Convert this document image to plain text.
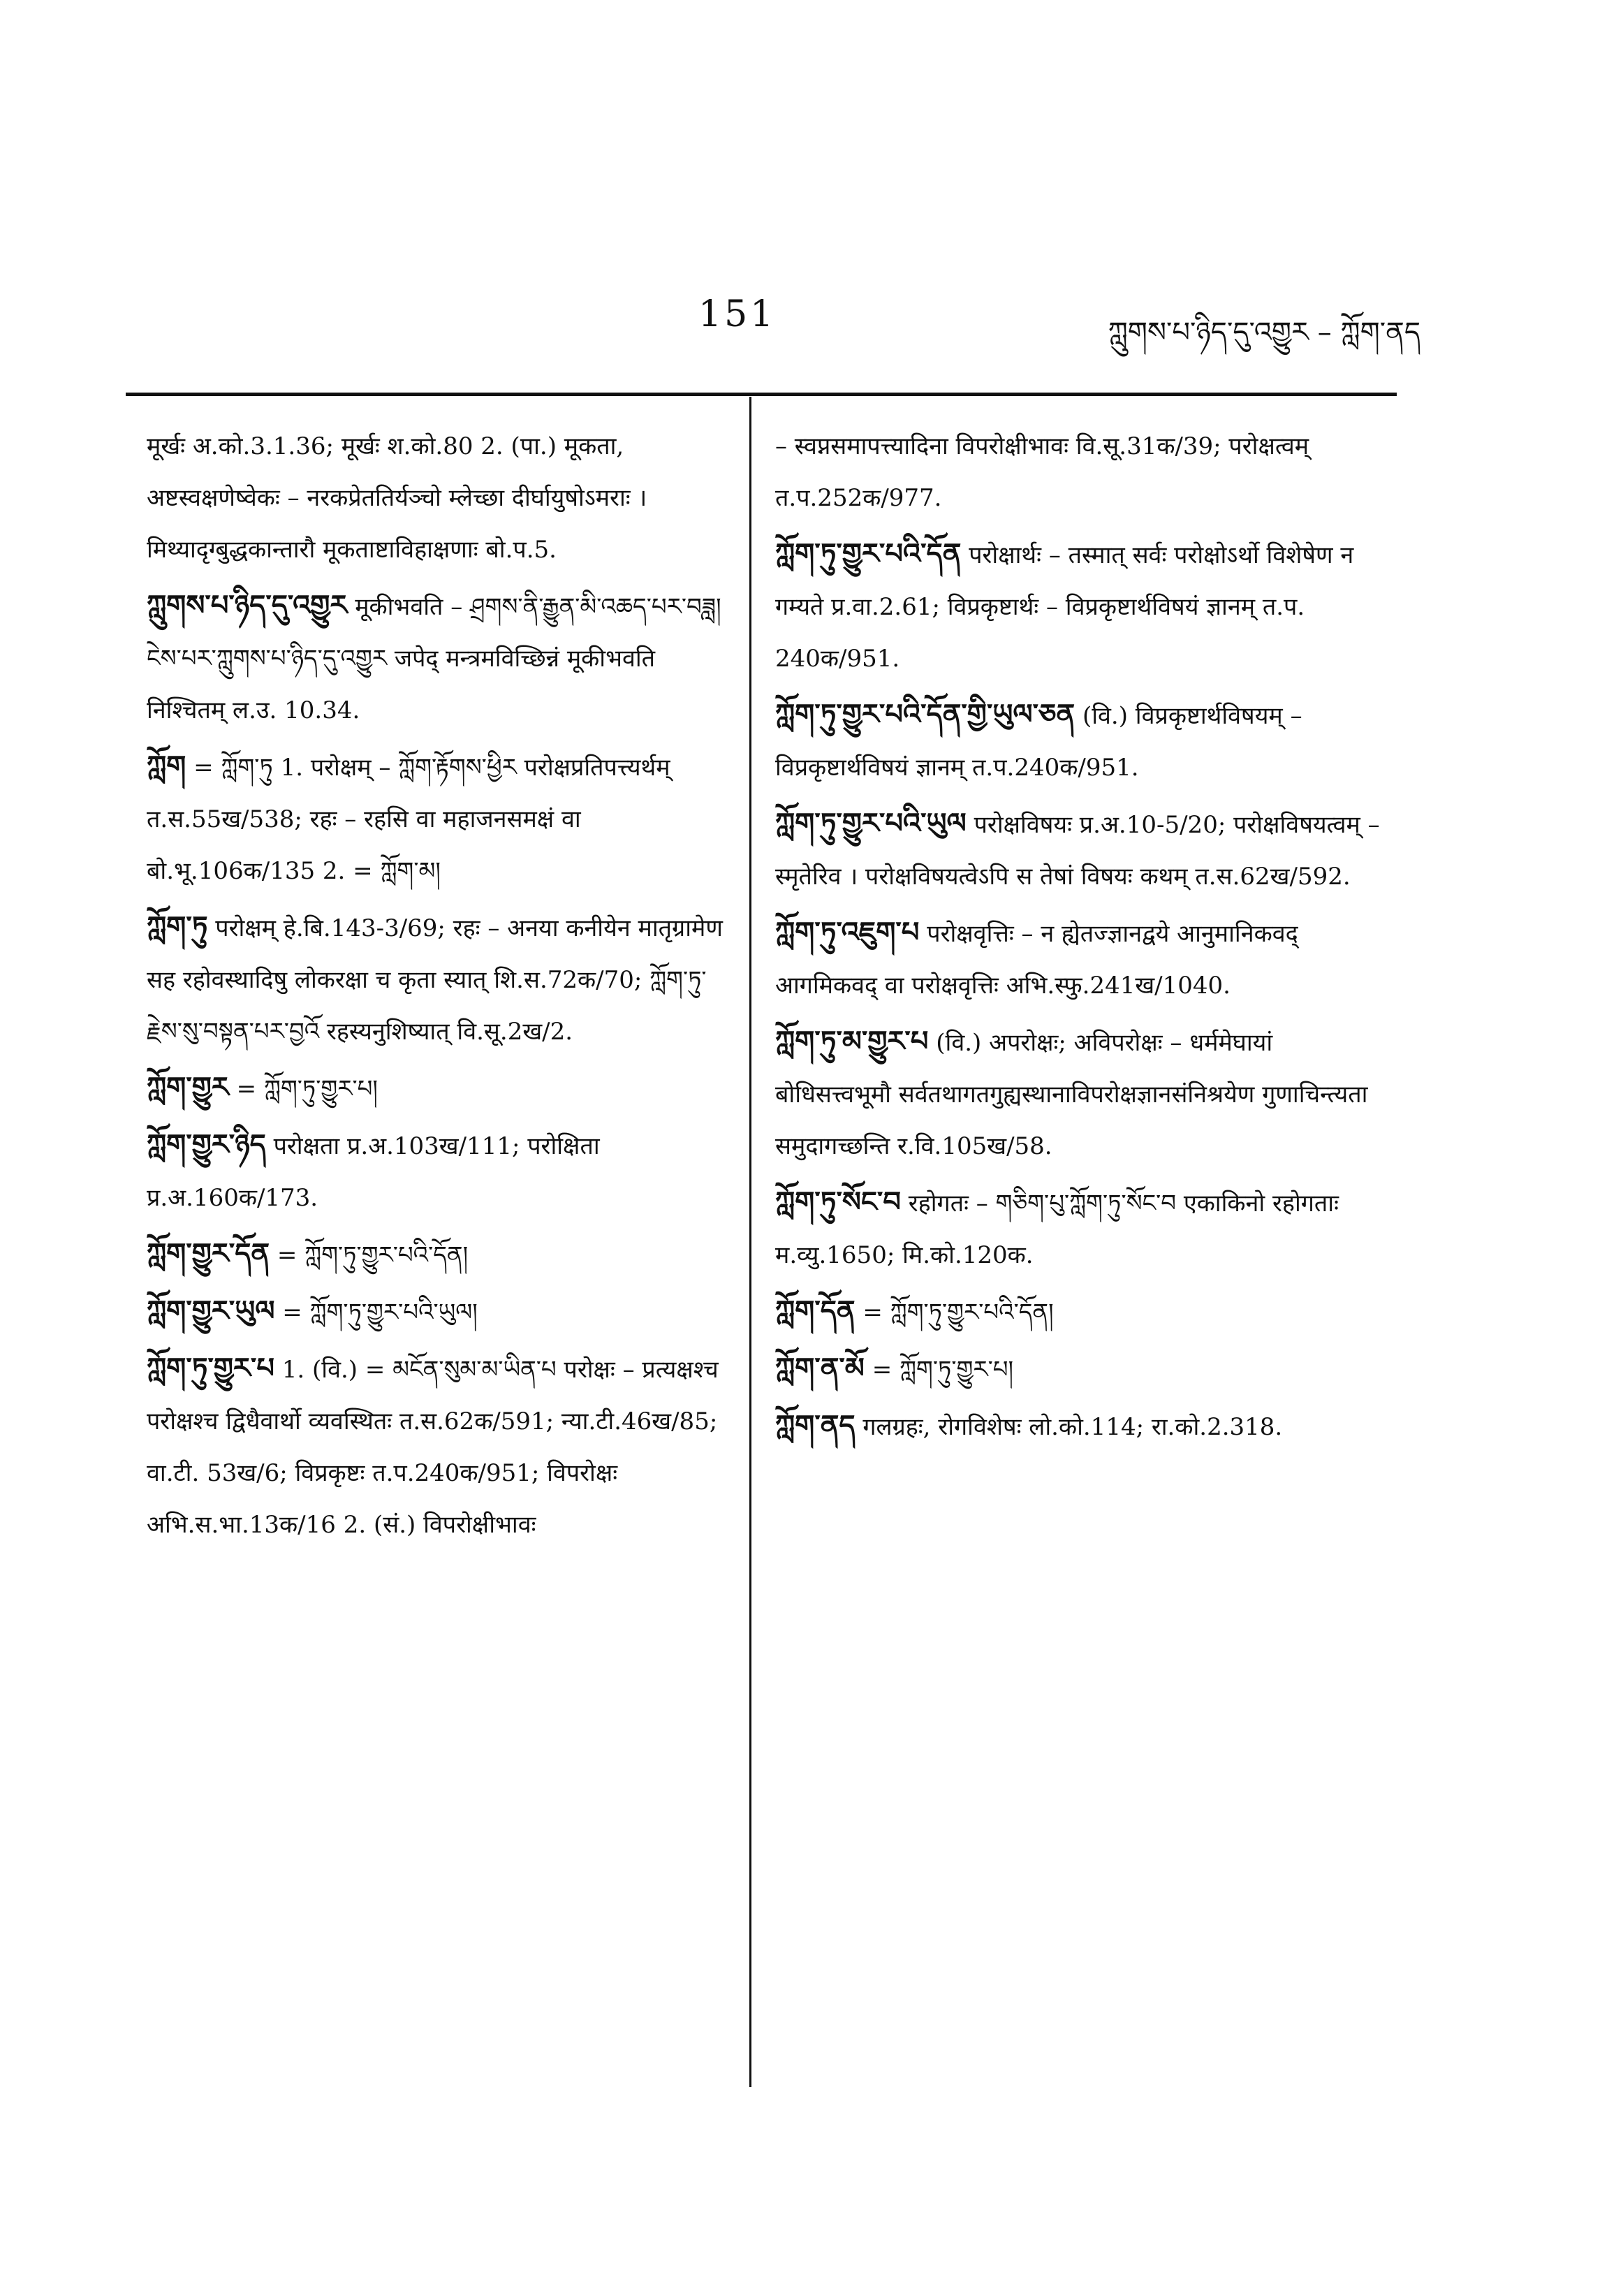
151	ཀླུགས་པ་ཉིད་དུ་འགྱུར – ཀློག་ནད

मूर्खः अ.को.3.1.36; मूर्खः श.को.80 2. (पा.) मूकता, अष्टस्वक्षणेष्वेकः – नरकप्रेततिर्यञ्चो म्लेच्छा दीर्घायुषोऽमराः । मिथ्यादृग्बुद्धकान्तारौ मूकताष्टाविहाक्षणाः बो.प.5.

ཀླུགས་པ་ཉིད་དུ་འགྱུར मूकीभवति – ཤྲགས་ནི་རྒྱུན་མི་འཆད་པར་བཟླ། ངེས་པར་ཀླུགས་པ་ཉིད་དུ་འགྱུར जपेद् मन्त्रमविच्छिन्नं मूकीभवति निश्चितम् ल.उ. 10.34.

ཀློག = ཀློག་ཏུ 1. परोक्षम् – ཀློག་རྟོགས་ཕྱིར परोक्षप्रतिपत्त्यर्थम् त.स.55ख/538; रहः – रहसि वा महाजनसमक्षं वा बो.भू.106क/135 2. = ཀློག་མ།

ཀློག་ཏུ परोक्षम् हे.बि.143-3/69; रहः – अनया कनीयेन मातृग्रामेण सह रहोवस्थादिषु लोकरक्षा च कृता स्यात् शि.स.72क/70; ཀློག་ཏུ་ རྗེས་སུ་བསྟན་པར་བྱའོ रहस्यनुशिष्यात् वि.सू.2ख/2.

ཀློག་གྱུར = ཀློག་ཏུ་གྱུར་པ།

ཀློག་གྱུར་ཉིད परोक्षता प्र.अ.103ख/111; परोक्षिता प्र.अ.160क/173.

ཀློག་གྱུར་དོན = ཀློག་ཏུ་གྱུར་པའི་དོན།

ཀློག་གྱུར་ཡུལ = ཀློག་ཏུ་གྱུར་པའི་ཡུལ།

ཀློག་ཏུ་གྱུར་པ 1. (वि.) = མངོན་སུམ་མ་ཡིན་པ परोक्षः – प्रत्यक्षश्च परोक्षश्च द्विधैवार्थो व्यवस्थितः त.स.62क/591; न्या.टी.46ख/85; वा.टी. 53ख/6; विप्रकृष्टः त.प.240क/951; विपरोक्षः अभि.स.भा.13क/16 2. (सं.) विपरोक्षीभावः

– स्वप्नसमापत्त्यादिना विपरोक्षीभावः वि.सू.31क/39; परोक्षत्वम् त.प.252क/977.

ཀློག་ཏུ་གྱུར་པའི་དོན परोक्षार्थः – तस्मात् सर्वः परोक्षोऽर्थो विशेषेण न गम्यते प्र.वा.2.61; विप्रकृष्टार्थः – विप्रकृष्टार्थविषयं ज्ञानम् त.प. 240क/951.

ཀློག་ཏུ་གྱུར་པའི་དོན་གྱི་ཡུལ་ཅན (वि.) विप्रकृष्टार्थविषयम् – विप्रकृष्टार्थविषयं ज्ञानम् त.प.240क/951.

ཀློག་ཏུ་གྱུར་པའི་ཡུལ परोक्षविषयः प्र.अ.10-5/20; परोक्षविषयत्वम् – स्मृतेरिव । परोक्षविषयत्वेऽपि स तेषां विषयः कथम् त.स.62ख/592.

ཀློག་ཏུ་འཇུག་པ परोक्षवृत्तिः – न ह्येतज्ज्ञानद्वये आनुमानिकवद् आगमिकवद् वा परोक्षवृत्तिः अभि.स्फु.241ख/1040.

ཀློག་ཏུ་མ་གྱུར་པ (वि.) अपरोक्षः; अविपरोक्षः – धर्ममेघायां बोधिसत्त्वभूमौ सर्वतथागतगुह्यस्थानाविपरोक्षज्ञानसंनिश्रयेण गुणाचिन्त्यता समुदागच्छन्ति र.वि.105ख/58.

ཀློག་ཏུ་སོང་བ रहोगतः – གཅིག་པུ་ཀློག་ཏུ་སོང་བ एकाकिनो रहोगताः म.व्यु.1650; मि.को.120क.

ཀློག་དོན = ཀློག་ཏུ་གྱུར་པའི་དོན།

ཀློག་ན་མོ = ཀློག་ཏུ་གྱུར་པ།

ཀློག་ནད गलग्रहः, रोगविशेषः लो.को.114; रा.को.2.318.
